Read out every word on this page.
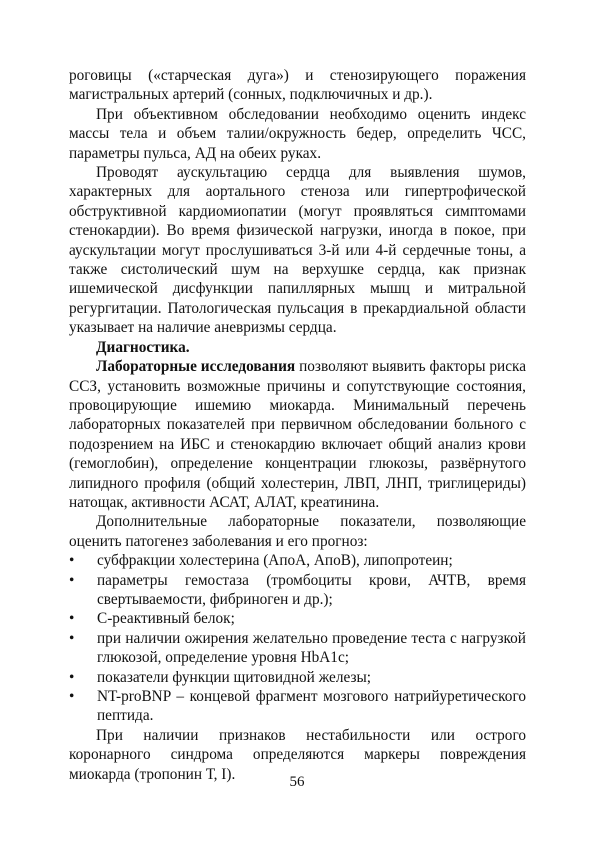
роговицы («старческая дуга») и стенозирующего поражения магистральных артерий (сонных, подключичных и др.).

При объективном обследовании необходимо оценить индекс массы тела и объем талии/окружность бедер, определить ЧСС, параметры пульса, АД на обеих руках.

Проводят аускультацию сердца для выявления шумов, характерных для аортального стеноза или гипертрофической обструктивной кардиомиопатии (могут проявляться симптомами стенокардии). Во время физической нагрузки, иногда в покое, при аускультации могут прослушиваться 3-й или 4-й сердечные тоны, а также систолический шум на верхушке сердца, как признак ишемической дисфункции папиллярных мышц и митральной регургитации. Патологическая пульсация в прекардиальной области указывает на наличие аневризмы сердца.

Диагностика.

Лабораторные исследования позволяют выявить факторы риска ССЗ, установить возможные причины и сопутствующие состояния, провоцирующие ишемию миокарда. Минимальный перечень лабораторных показателей при первичном обследовании больного с подозрением на ИБС и стенокардию включает общий анализ крови (гемоглобин), определение концентрации глюкозы, развёрнутого липидного профиля (общий холестерин, ЛВП, ЛНП, триглицериды) натощак, активности АСАТ, АЛАТ, креатинина.

Дополнительные лабораторные показатели, позволяющие оценить патогенез заболевания и его прогноз:

• субфракции холестерина (АпоА, АпоВ), липопротеин;
• параметры гемостаза (тромбоциты крови, АЧТВ, время свертываемости, фибриноген и др.);
• С-реактивный белок;
• при наличии ожирения желательно проведение теста с нагрузкой глюкозой, определение уровня HbA1c;
• показатели функции щитовидной железы;
• NT-proBNP – концевой фрагмент мозгового натрийуретического пептида.

При наличии признаков нестабильности или острого коронарного синдрома определяются маркеры повреждения миокарда (тропонин Т, I).	56
